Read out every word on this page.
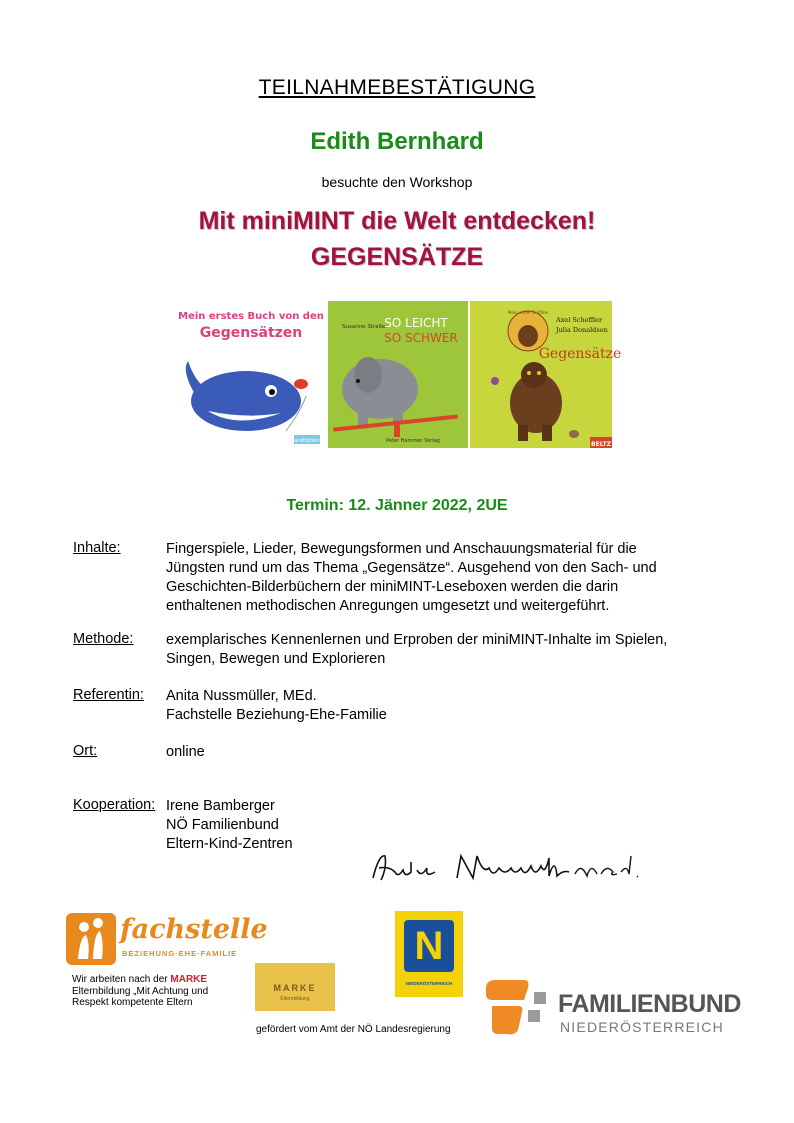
TEILNAHMEBESTÄTIGUNG
Edith Bernhard
besuchte den Workshop
Mit miniMINT die Welt entdecken!
GEGENSÄTZE
Mein erstes Buch von den
Gegensätzen
arsEdition
Susanne Straßer
SO LEICHT
SO SCHWER
Peter Hammer Verlag
Axel Scheffler
Julia Donaldson
Gegensätze
Mein erster Grüffelo
BELTZ
Termin: 12. Jänner 2022, 2UE
Inhalte:	Fingerspiele, Lieder, Bewegungsformen und Anschauungsmaterial für die
Jüngsten rund um das Thema „Gegensätze“. Ausgehend von den Sach- und
Geschichten-Bilderbüchern der miniMINT-Leseboxen werden die darin
enthaltenen methodischen Anregungen umgesetzt und weitergeführt.
Methode: exemplarisches Kennenlernen und Erproben der miniMINT-Inhalte im Spielen,
Singen, Bewegen und Explorieren
Referentin: Anita Nussmüller, MEd.
Fachstelle Beziehung-Ehe-Familie
Ort:	online
Kooperation: Irene Bamberger
NÖ Familienbund
Eltern-Kind-Zentren
fachstelle
BEZIEHUNG·EHE·FAMILIE
Wir arbeiten nach der MARKE
Elternbildung „Mit Achtung und
Respekt kompetente Eltern
MARKE
Elternbildung
gefördert vom Amt der NÖ Landesregierung
N
NIEDERÖSTERREICH
FAMILIENBUND
NIEDERÖSTERREICH
